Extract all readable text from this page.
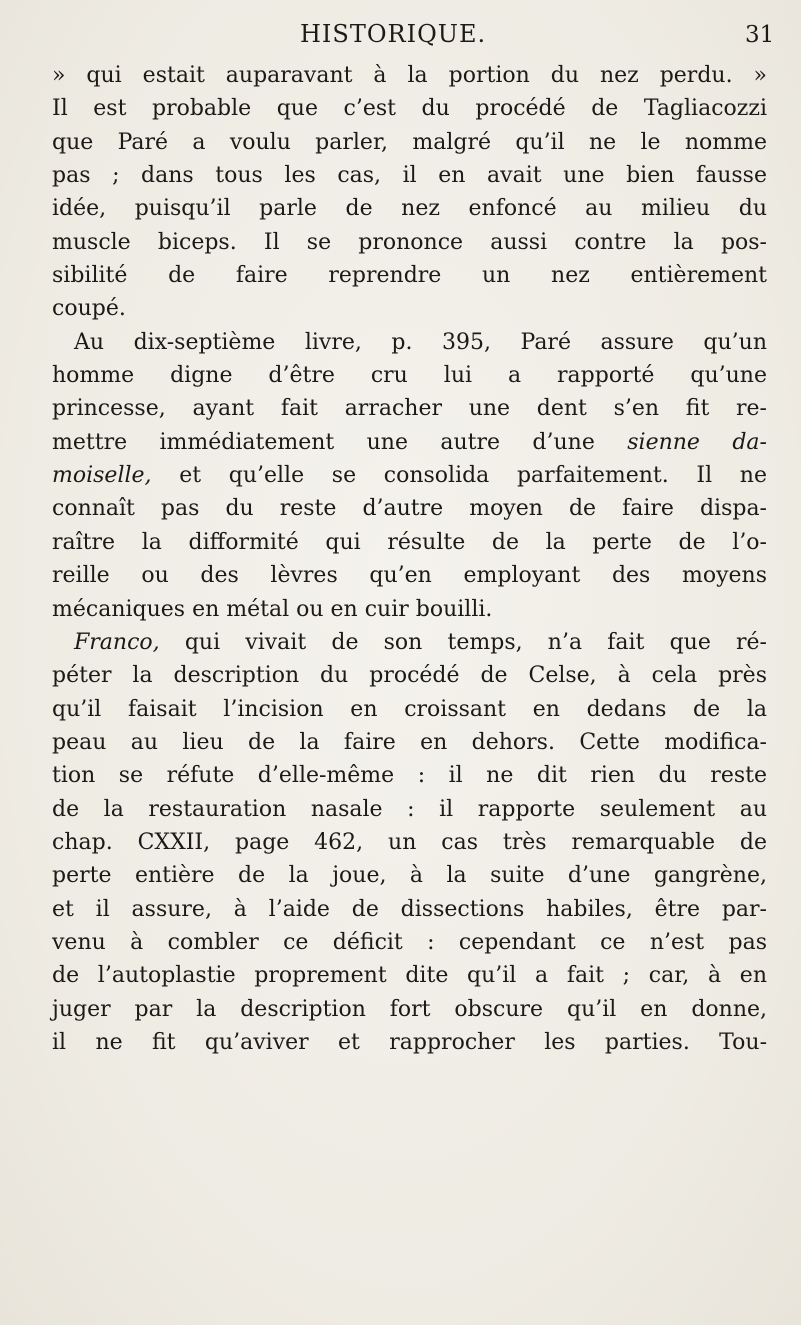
HISTORIQUE.	31
» qui estait auparavant à la portion du nez perdu. »
Il est probable que c’est du procédé de Tagliacozzi
que Paré a voulu parler, malgré qu’il ne le nomme
pas ; dans tous les cas, il en avait une bien fausse
idée, puisqu’il parle de nez enfoncé au milieu du
muscle biceps. Il se prononce aussi contre la pos-
sibilité de faire reprendre un nez entièrement
coupé.
Au dix-septième livre, p. 395, Paré assure qu’un
homme digne d’être cru lui a rapporté qu’une
princesse, ayant fait arracher une dent s’en fit re-
mettre immédiatement une autre d’une sienne da-
moiselle, et qu’elle se consolida parfaitement. Il ne
connaît pas du reste d’autre moyen de faire dispa-
raître la difformité qui résulte de la perte de l’o-
reille ou des lèvres qu’en employant des moyens
mécaniques en métal ou en cuir bouilli.
Franco, qui vivait de son temps, n’a fait que ré-
péter la description du procédé de Celse, à cela près
qu’il faisait l’incision en croissant en dedans de la
peau au lieu de la faire en dehors. Cette modifica-
tion se réfute d’elle-même : il ne dit rien du reste
de la restauration nasale : il rapporte seulement au
chap. CXXII, page 462, un cas très remarquable de
perte entière de la joue, à la suite d’une gangrène,
et il assure, à l’aide de dissections habiles, être par-
venu à combler ce déficit : cependant ce n’est pas
de l’autoplastie proprement dite qu’il a fait ; car, à en
juger par la description fort obscure qu’il en donne,
il ne fit qu’aviver et rapprocher les parties. Tou-
